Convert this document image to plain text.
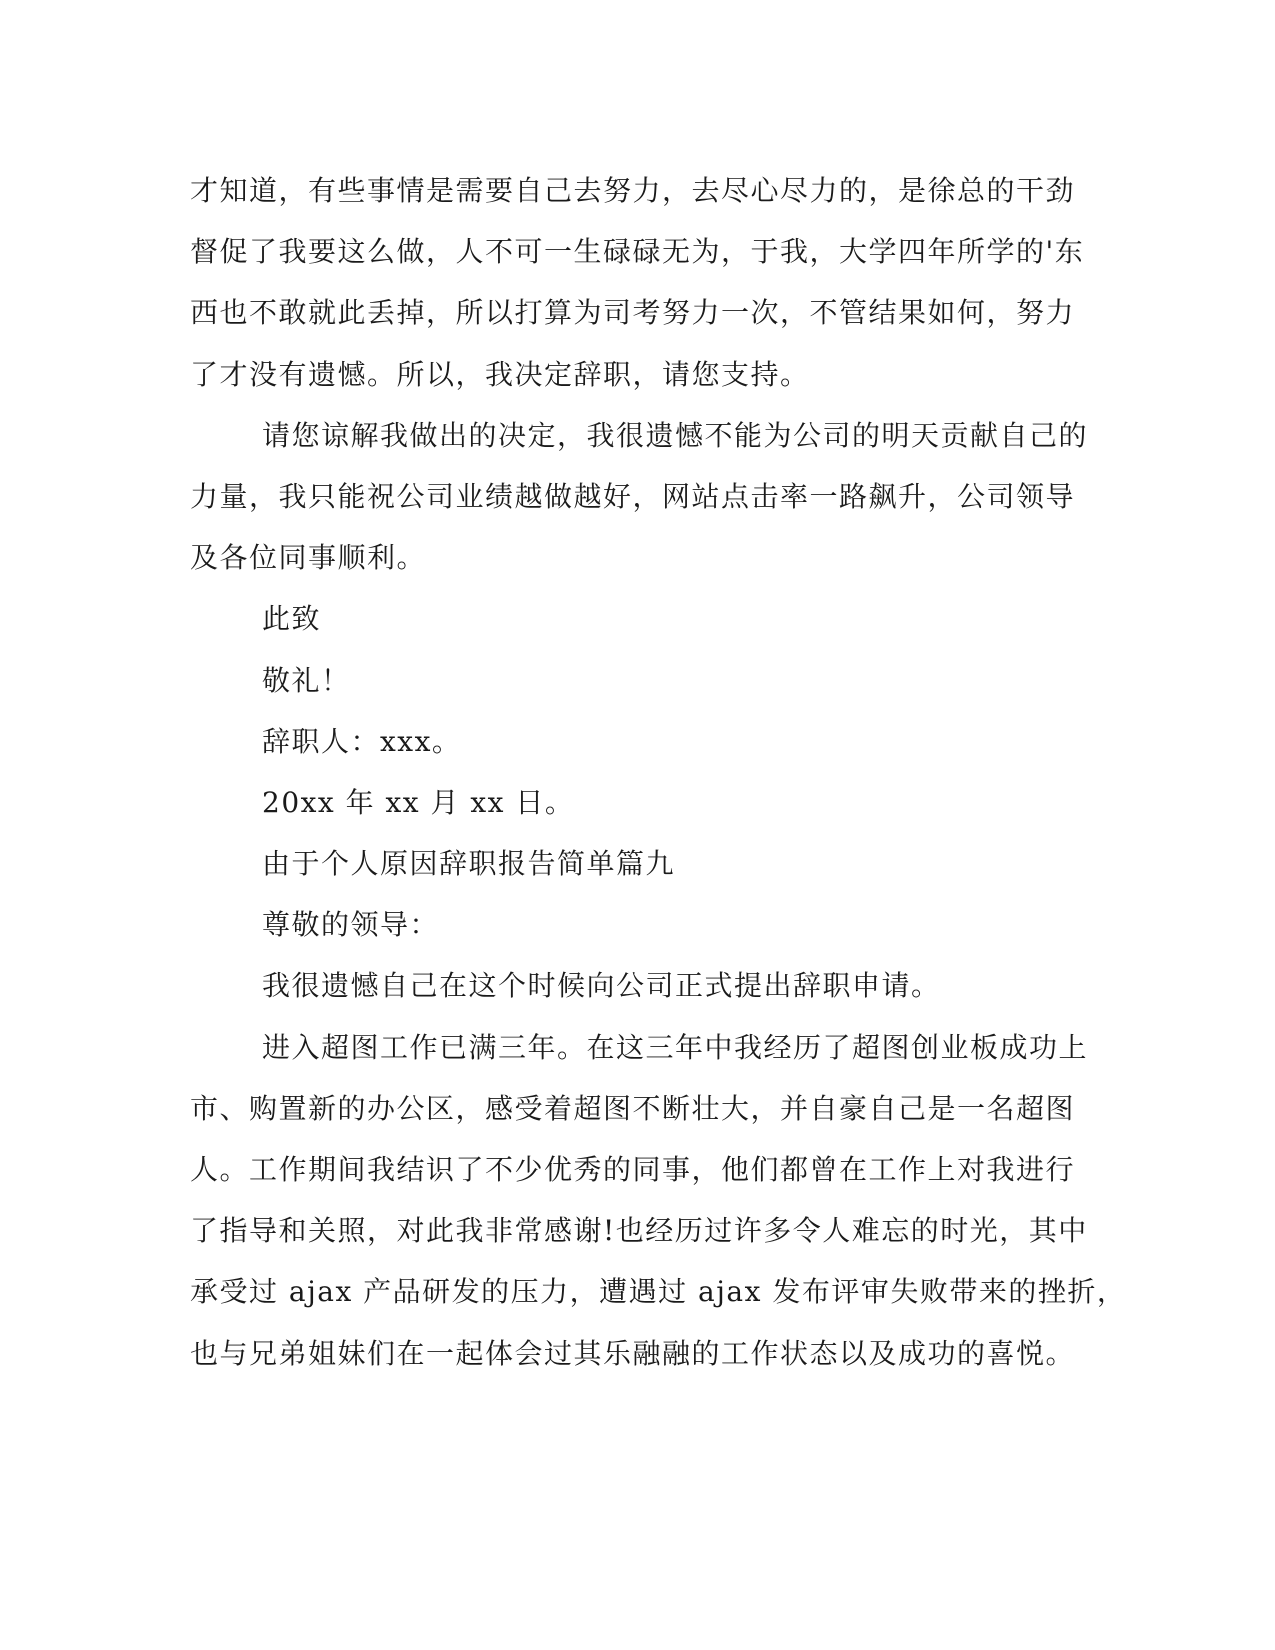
才知道，有些事情是需要自己去努力，去尽心尽力的，是徐总的干劲
督促了我要这么做，人不可一生碌碌无为，于我，大学四年所学的'东
西也不敢就此丢掉，所以打算为司考努力一次，不管结果如何，努力
了才没有遗憾。所以，我决定辞职，请您支持。
请您谅解我做出的决定，我很遗憾不能为公司的明天贡献自己的
力量，我只能祝公司业绩越做越好，网站点击率一路飙升，公司领导
及各位同事顺利。
此致
敬礼！
辞职人：xxx。
20xx 年 xx 月 xx 日。
由于个人原因辞职报告简单篇九
尊敬的领导：
我很遗憾自己在这个时候向公司正式提出辞职申请。
进入超图工作已满三年。在这三年中我经历了超图创业板成功上
市、购置新的办公区，感受着超图不断壮大，并自豪自己是一名超图
人。工作期间我结识了不少优秀的同事，他们都曾在工作上对我进行
了指导和关照，对此我非常感谢!也经历过许多令人难忘的时光，其中
承受过 ajax 产品研发的压力，遭遇过 ajax 发布评审失败带来的挫折，
也与兄弟姐妹们在一起体会过其乐融融的工作状态以及成功的喜悦。
